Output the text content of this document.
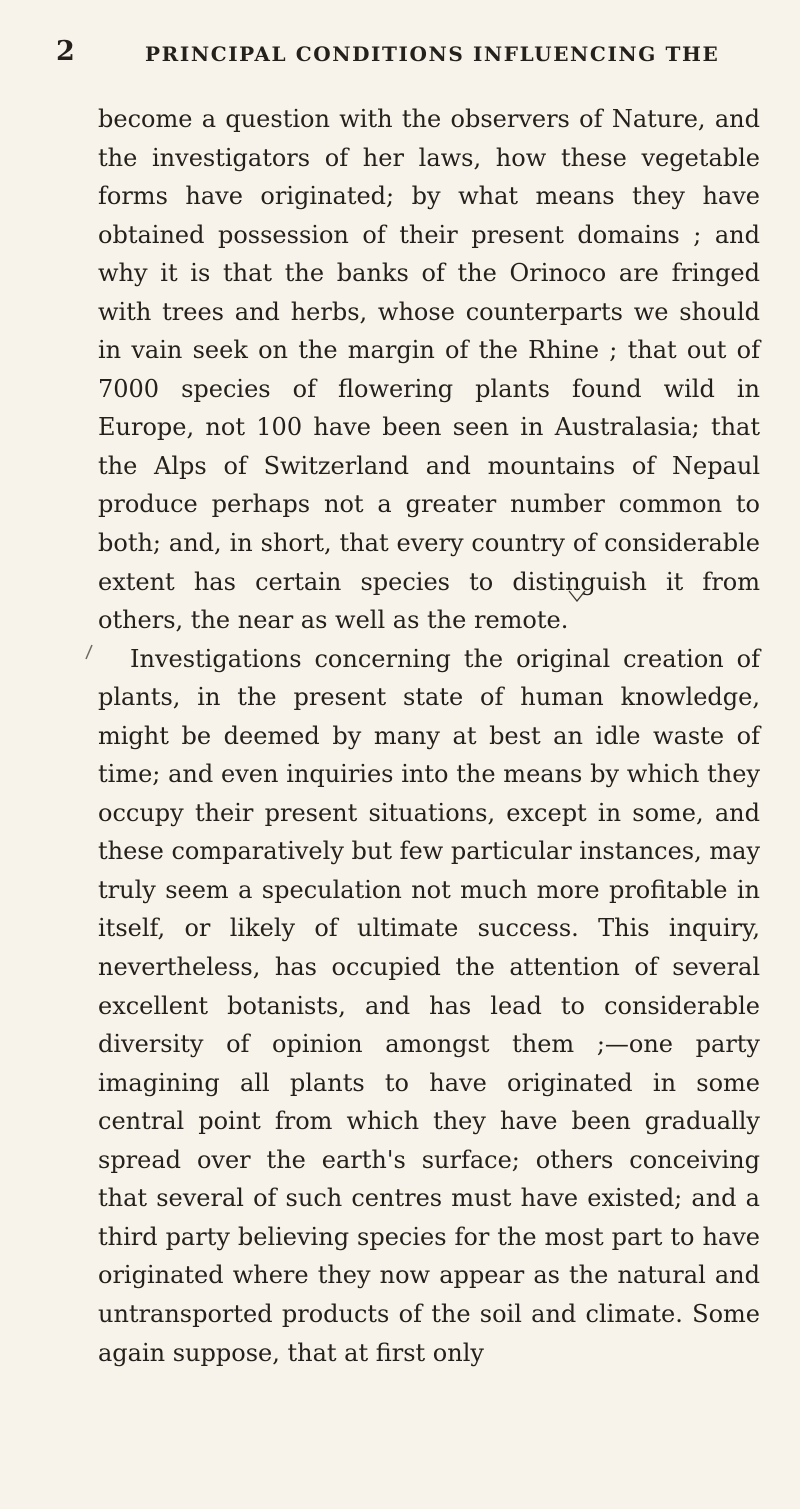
2	PRINCIPAL CONDITIONS INFLUENCING THE

become a question with the observers of Nature, and the investigators of her laws, how these vegetable forms have originated; by what means they have obtained possession of their present domains ; and why it is that the banks of the Orinoco are fringed with trees and herbs, whose counterparts we should in vain seek on the margin of the Rhine ; that out of 7000 species of flowering plants found wild in Europe, not 100 have been seen in Australasia; that the Alps of Switzerland and mountains of Nepaul produce perhaps not a greater number common to both; and, in short, that every country of considerable extent has certain species to distinguish it from others, the near as well as the remote.

Investigations concerning the original creation of plants, in the present state of human knowledge, might be deemed by many at best an idle waste of time; and even inquiries into the means by which they occupy their present situations, except in some, and these comparatively but few particular instances, may truly seem a speculation not much more profitable in itself, or likely of ultimate success. This inquiry, nevertheless, has occupied the attention of several excellent botanists, and has lead to considerable diversity of opinion amongst them ;—one party imagining all plants to have originated in some central point from which they have been gradually spread over the earth's surface; others conceiving that several of such centres must have existed; and a third party believing species for the most part to have originated where they now appear as the natural and untransported products of the soil and climate. Some again suppose, that at first only
